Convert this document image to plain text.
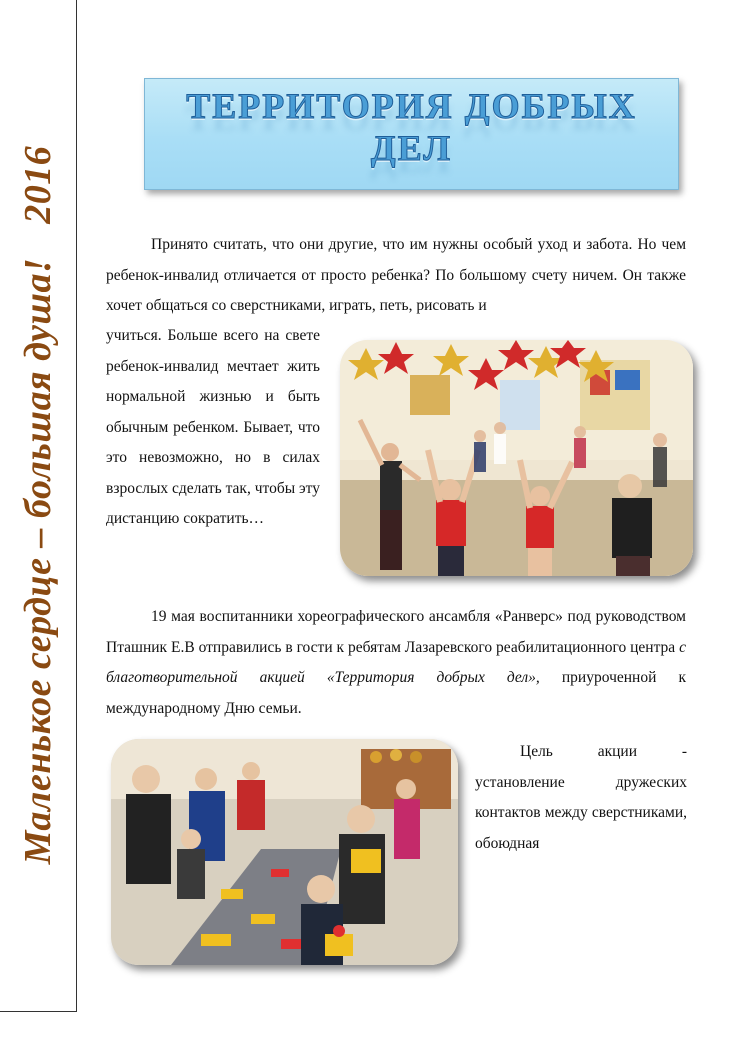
Маленькое сердце – большая душа!2016
ТЕРРИТОРИЯ ДОБРЫХ ДЕЛ

Принято считать, что они другие, что им нужны особый уход и забота. Но чем ребенок-инвалид отличается от просто ребенка? По большому счету ничем. Он также хочет общаться со сверстниками, играть, петь, рисовать и

учиться. Больше всего на свете ребенок-инвалид мечтает жить нормальной жизнью и быть обычным ребенком. Бывает, что это невозможно, но в силах взрослых сделать так, чтобы эту дистанцию сократить…

19 мая воспитанники хореографического ансамбля «Ранверс» под руководством Пташник Е.В отправились в гости к ребятам Лазаревского реабилитационного центра с благотворительной акцией «Территория добрых дел», приуроченной к международному Дню семьи.

Цель акции - установление дружеских контактов между сверстниками, обоюдная
